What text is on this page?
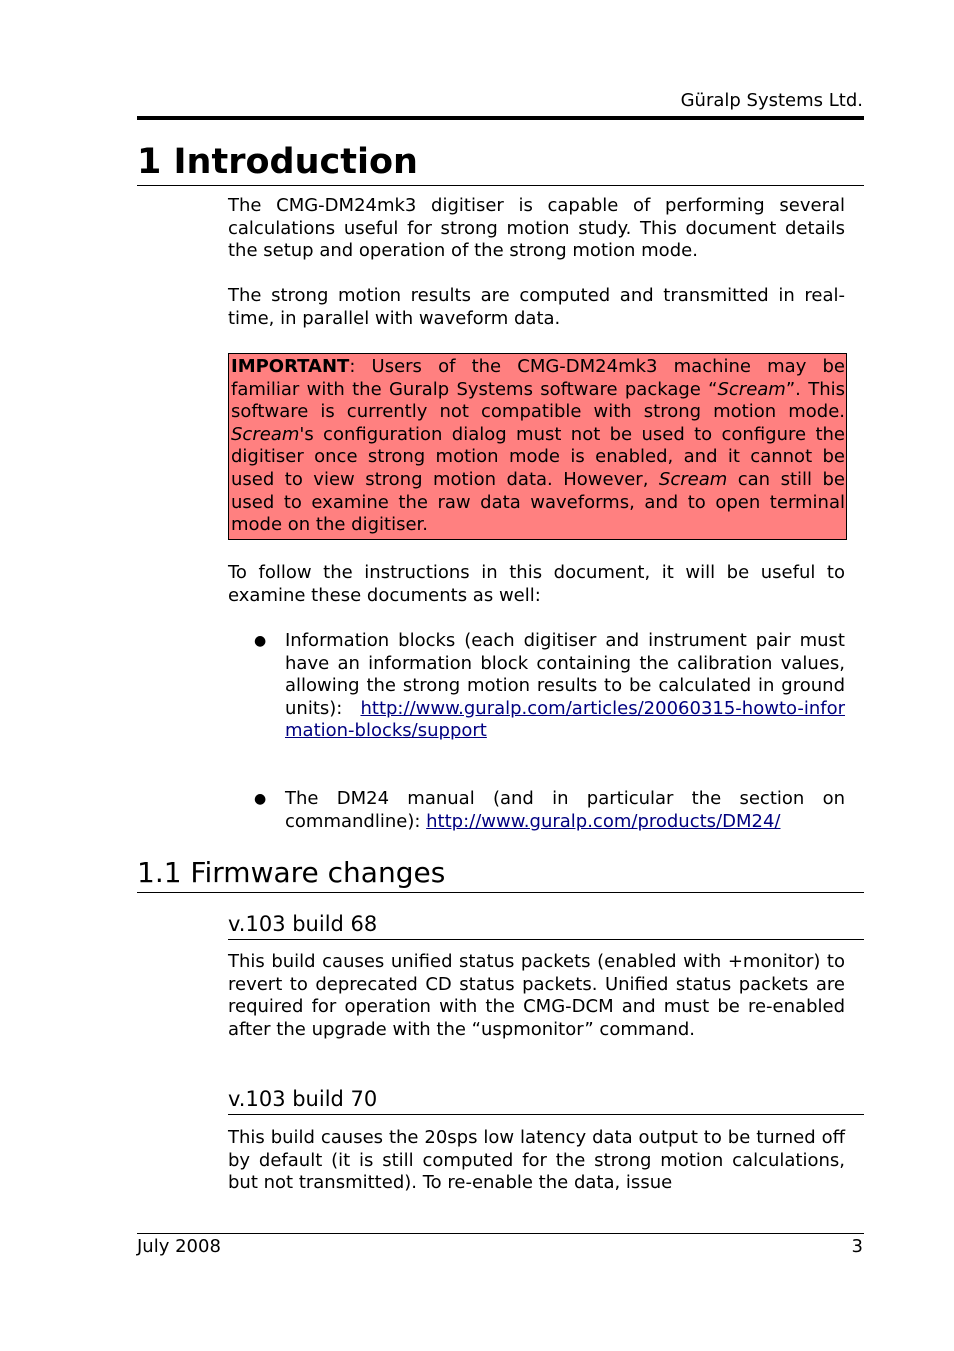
Güralp Systems Ltd.
1 Introduction

The CMG-DM24mk3 digitiser is capable of performing several calculations useful for strong motion study. This document details the setup and operation of the strong motion mode.

The strong motion results are computed and transmitted in real-time, in parallel with waveform data.

IMPORTANT: Users of the CMG-DM24mk3 machine may be familiar with the Guralp Systems software package “Scream”. This software is currently not compatible with strong motion mode. Scream's configuration dialog must not be used to configure the digitiser once strong motion mode is enabled, and it cannot be used to view strong motion data. However, Scream can still be used to examine the raw data waveforms, and to open terminal mode on the digitiser.

To follow the instructions in this document, it will be useful to examine these documents as well:

●	Information blocks (each digitiser and instrument pair must have an information block containing the calibration values, allowing the strong motion results to be calculated in ground units): http://www.guralp.com/articles/20060315-howto-information-blocks/support
●	The DM24 manual (and in particular the section on commandline): http://www.guralp.com/products/DM24/
1.1 Firmware changes
v.103 build 68

This build causes unified status packets (enabled with +monitor) to revert to deprecated CD status packets. Unified status packets are required for operation with the CMG-DCM and must be re-enabled after the upgrade with the “uspmonitor” command.

v.103 build 70

This build causes the 20sps low latency data output to be turned off by default (it is still computed for the strong motion calculations, but not transmitted). To re-enable the data, issue

July 2008	3
